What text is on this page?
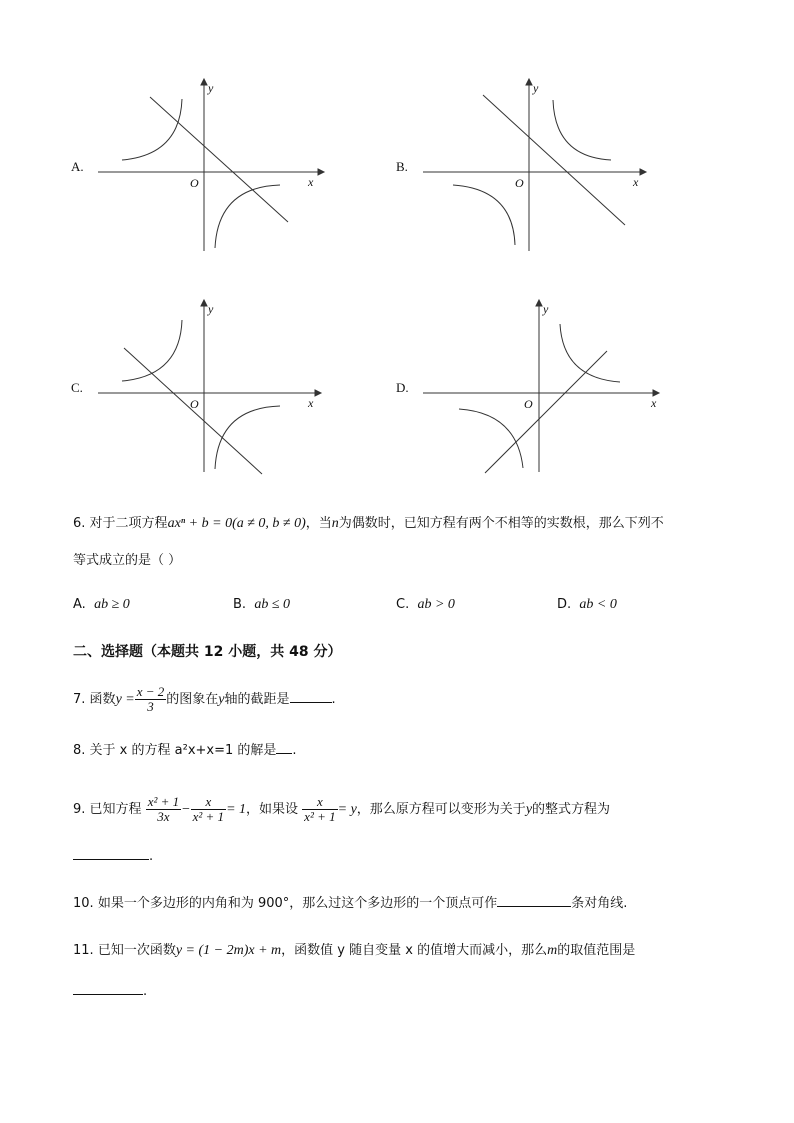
A.	B.
C.	D.
y
x
O
y
x
O
y
x
O
y
x
O
6. 对于二项方程axⁿ + b = 0(a ≠ 0, b ≠ 0)，当n为偶数时，已知方程有两个不相等的实数根，那么下列不
等式成立的是（ ）
A. ab ≥ 0	B. ab ≤ 0	C. ab > 0	D. ab < 0
二、选择题（本题共 12 小题，共 48 分）
7. 函数$y = \frac{x - 2}{3}$ 的图象在y轴的截距是	.
8. 关于 x 的方程 a²x+x=1 的解是 .
9. 已知方程 $\frac{\text{x² + 1}}{3x} - \frac{x}{\text{x² + 1}} = 1$，如果设 $\frac{x}{\text{x² + 1}} = y$，那么原方程可以变形为关于y的整式方程为
.
10. 如果一个多边形的内角和为 900°，那么过这个多边形的一个顶点可作	条对角线.
11. 已知一次函数y = (1 − 2m)x + m，函数值 y 随自变量 x 的值增大而减小，那么m的取值范围是
.
